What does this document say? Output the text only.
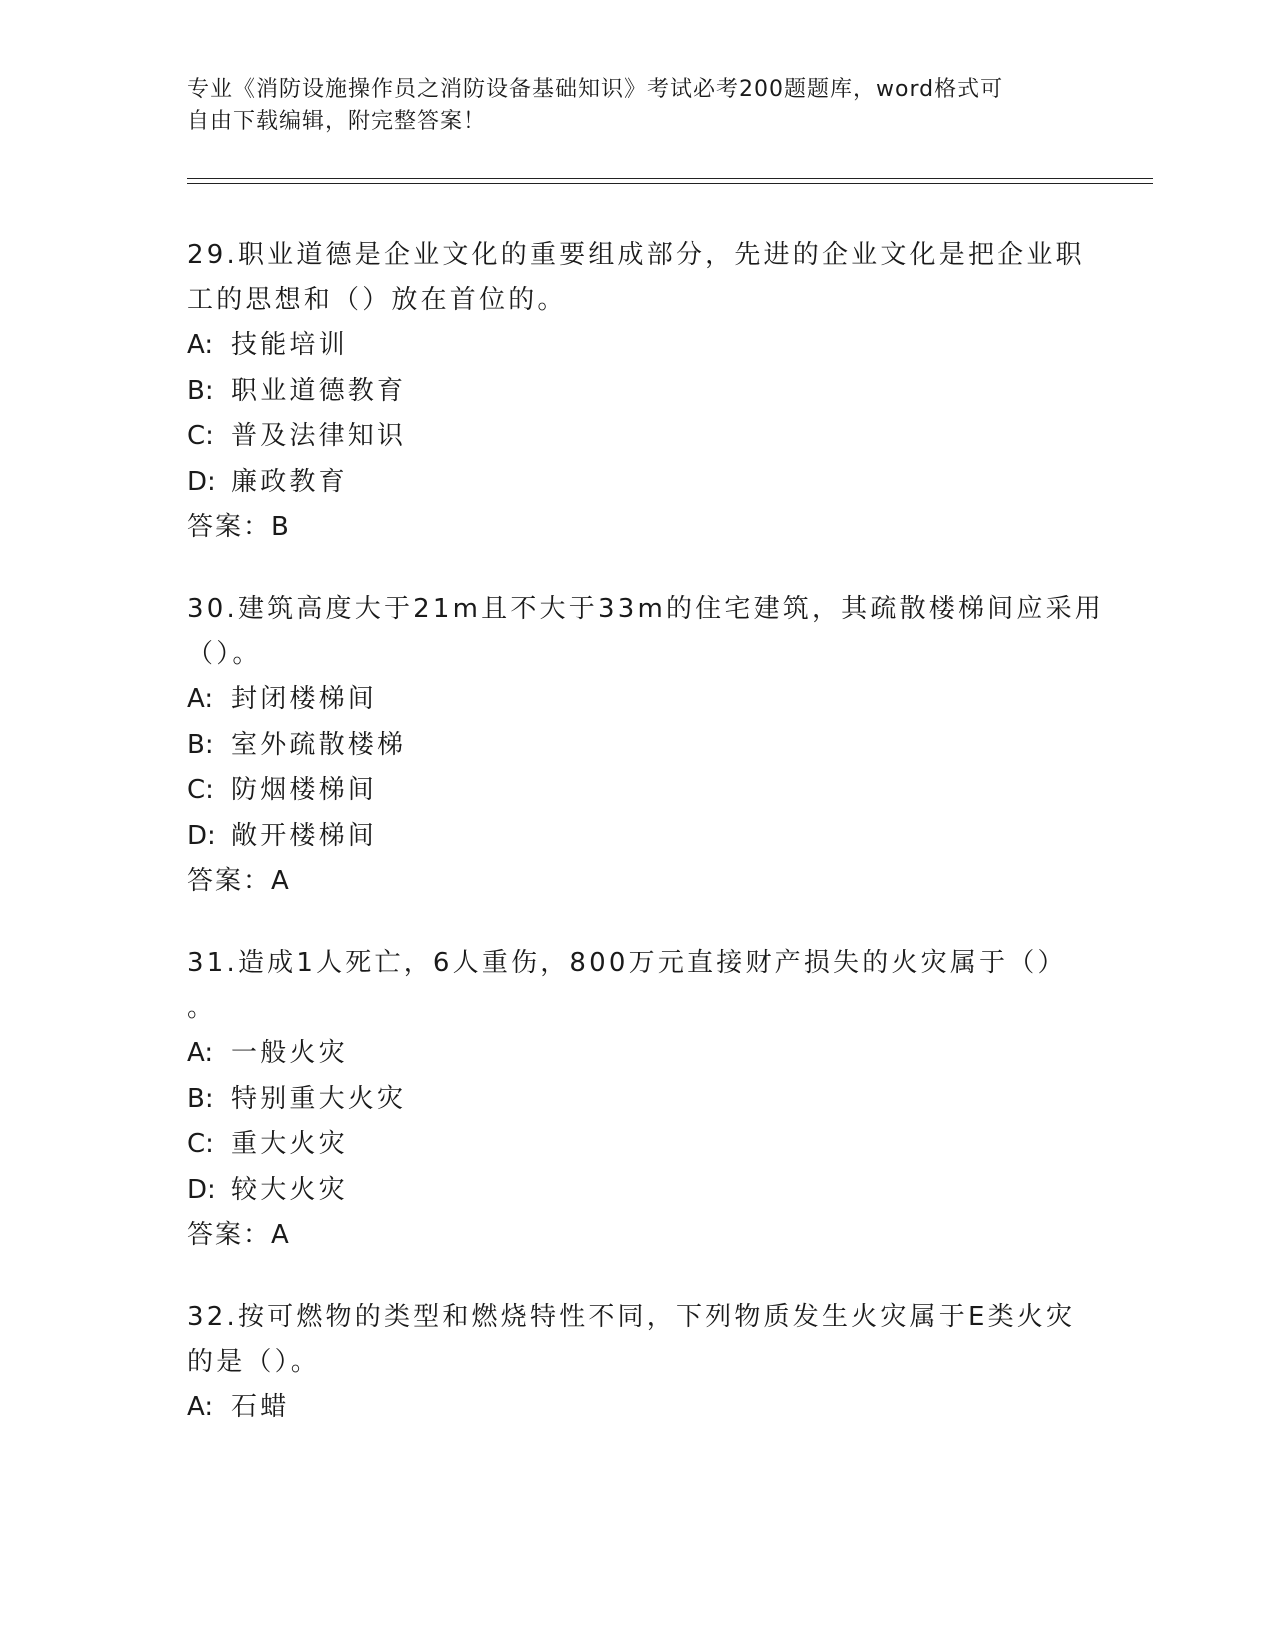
专业《消防设施操作员之消防设备基础知识》考试必考200题题库，word格式可
自由下载编辑，附完整答案！
29.职业道德是企业文化的重要组成部分，先进的企业文化是把企业职
工的思想和（）放在首位的。
A: 技能培训
B: 职业道德教育
C: 普及法律知识
D: 廉政教育
答案：B
30.建筑高度大于21m且不大于33m的住宅建筑，其疏散楼梯间应采用
（）。
A: 封闭楼梯间
B: 室外疏散楼梯
C: 防烟楼梯间
D: 敞开楼梯间
答案：A
31.造成1人死亡，6人重伤，800万元直接财产损失的火灾属于（）
。
A: 一般火灾
B: 特别重大火灾
C: 重大火灾
D: 较大火灾
答案：A
32.按可燃物的类型和燃烧特性不同，下列物质发生火灾属于E类火灾
的是（）。
A: 石蜡
